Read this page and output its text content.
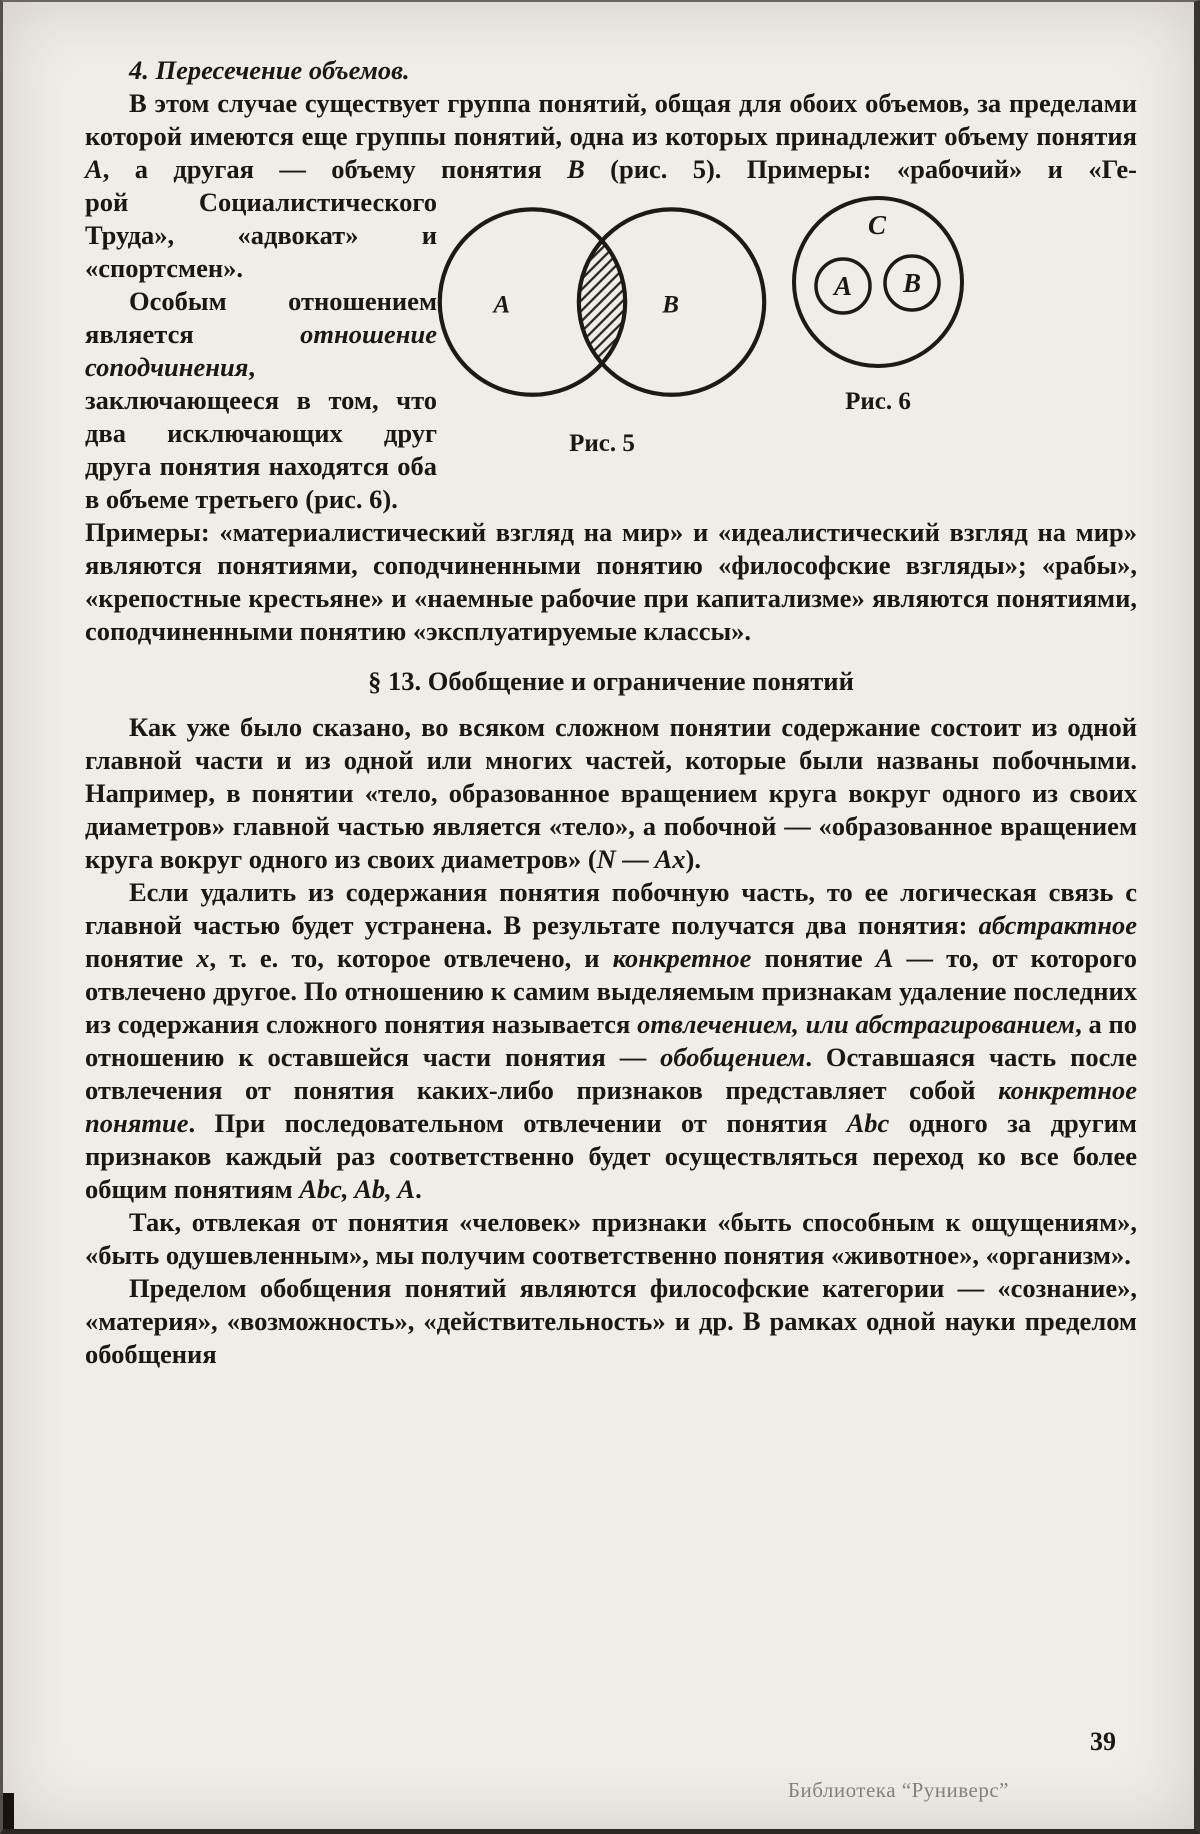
4. Пересечение объемов.

В этом случае существует группа понятий, общая для обоих объемов, за пределами которой имеются еще группы понятий, одна из которых принадлежит объему понятия А, а другая — объему понятия В (рис. 5). Примеры: «рабочий» и «Ге-

рой Социалистического Труда», «адвокат» и «спортсмен».

Особым отношением является отношение соподчинения, заключающееся в том, что два исключающих друг друга понятия находятся оба в объеме третьего (рис. 6).

A	B
Рис. 5
C
A B
Рис. 6

Примеры: «материалистический взгляд на мир» и «идеалистический взгляд на мир» являются понятиями, соподчиненными понятию «философские взгляды»; «рабы», «крепостные крестьяне» и «наемные рабочие при капитализме» являются понятиями, соподчиненными понятию «эксплуатируемые классы».

§ 13. Обобщение и ограничение понятий

Как уже было сказано, во всяком сложном понятии содержание состоит из одной главной части и из одной или многих частей, которые были названы побочными. Например, в понятии «тело, образованное вращением круга вокруг одного из своих диаметров» главной частью является «тело», а побочной — «образованное вращением круга вокруг одного из своих диаметров» (N — Ax).

Если удалить из содержания понятия побочную часть, то ее логическая связь с главной частью будет устранена. В результате получатся два понятия: абстрактное понятие x, т. е. то, которое отвлечено, и конкретное понятие А — то, от которого отвлечено другое. По отношению к самим выделяемым признакам удаление последних из содержания сложного понятия называется отвлечением, или абстрагированием, а по отношению к оставшейся части понятия — обобщением. Оставшаяся часть после отвлечения от понятия каких-либо признаков представляет собой конкретное понятие. При последовательном отвлечении от понятия Abc одного за другим признаков каждый раз соответственно будет осуществляться переход ко все более общим понятиям Abc, Ab, A.

Так, отвлекая от понятия «человек» признаки «быть способным к ощущениям», «быть одушевленным», мы получим соответственно понятия «животное», «организм».

Пределом обобщения понятий являются философские категории — «сознание», «материя», «возможность», «действительность» и др. В рамках одной науки пределом обобщения

39
Библиотека “Руниверс”
